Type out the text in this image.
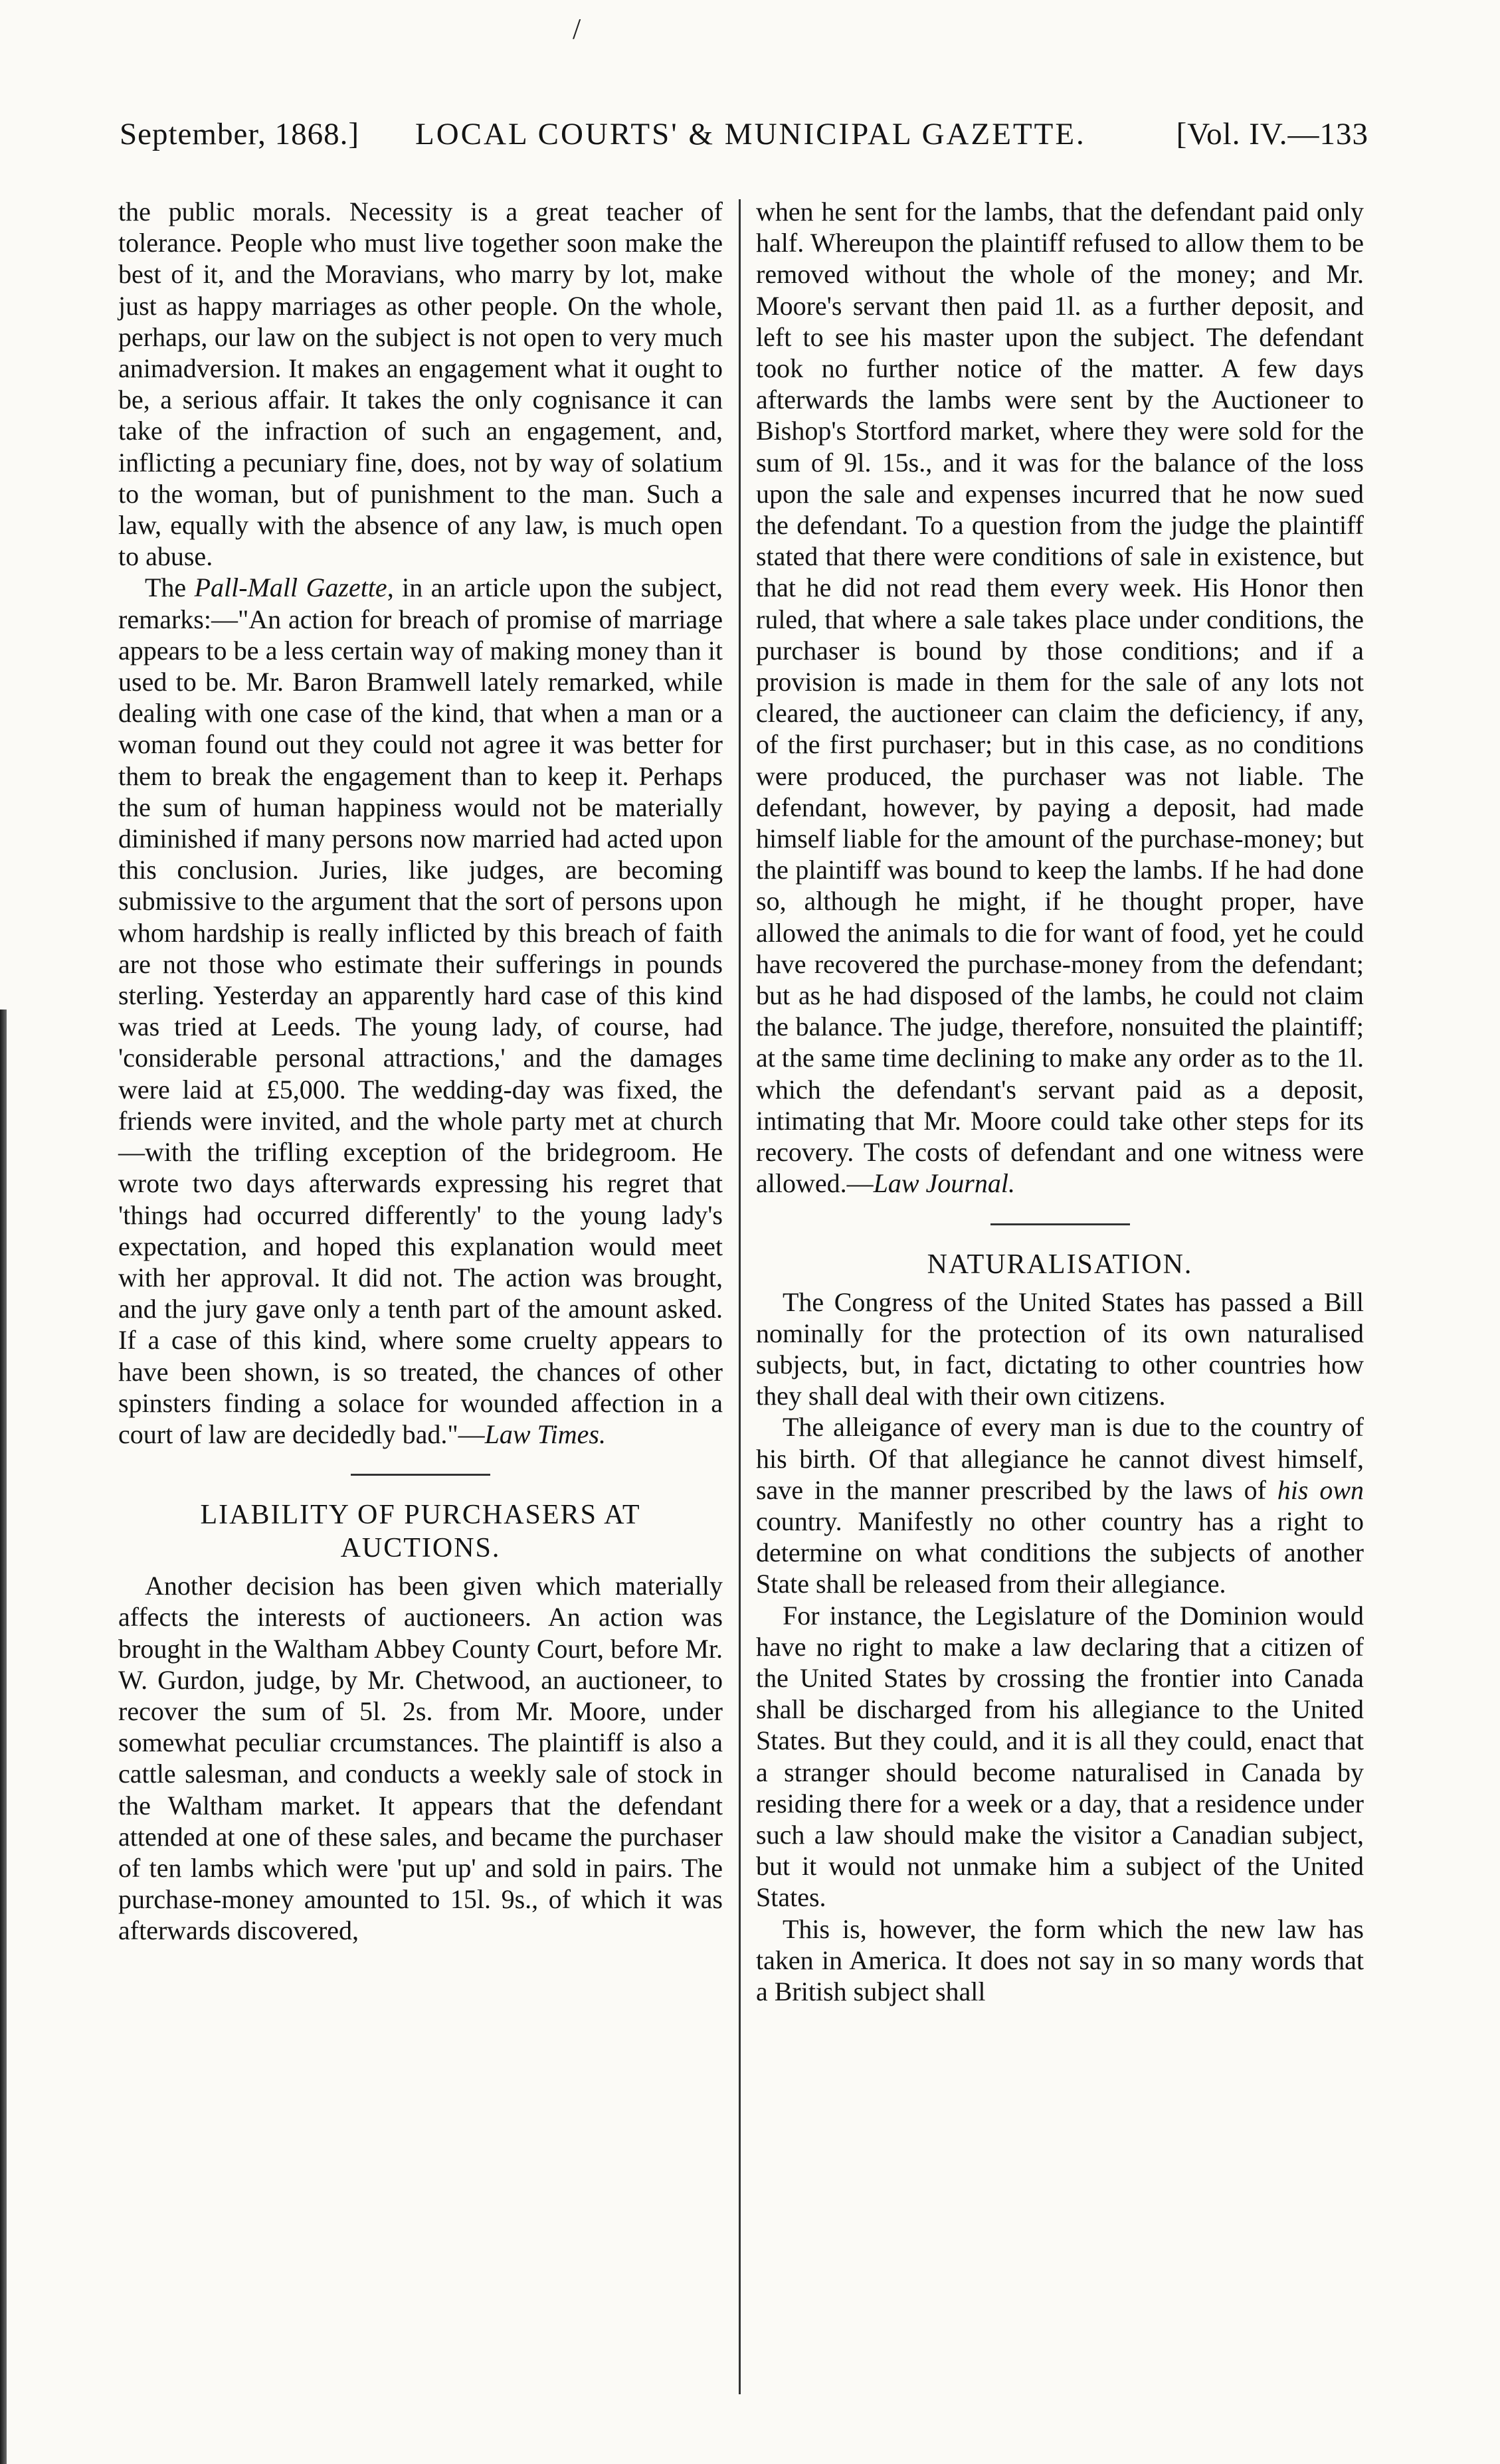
/
September, 1868.] LOCAL COURTS' & MUNICIPAL GAZETTE.	[Vol. IV.—133

the public morals. Necessity is a great teacher of tolerance. People who must live together soon make the best of it, and the Moravians, who marry by lot, make just as happy marriages as other people. On the whole, perhaps, our law on the subject is not open to very much animadversion. It makes an engagement what it ought to be, a serious affair. It takes the only cognisance it can take of the infraction of such an engagement, and, inflicting a pecuniary fine, does, not by way of solatium to the woman, but of punishment to the man. Such a law, equally with the absence of any law, is much open to abuse.

The Pall-Mall Gazette, in an article upon the subject, remarks:—"An action for breach of promise of marriage appears to be a less certain way of making money than it used to be. Mr. Baron Bramwell lately remarked, while dealing with one case of the kind, that when a man or a woman found out they could not agree it was better for them to break the engagement than to keep it. Perhaps the sum of human happiness would not be materially diminished if many persons now married had acted upon this conclusion. Juries, like judges, are becoming submissive to the argument that the sort of persons upon whom hardship is really inflicted by this breach of faith are not those who estimate their sufferings in pounds sterling. Yesterday an apparently hard case of this kind was tried at Leeds. The young lady, of course, had 'considerable personal attractions,' and the damages were laid at £5,000. The wedding-day was fixed, the friends were invited, and the whole party met at church—with the trifling exception of the bridegroom. He wrote two days afterwards expressing his regret that 'things had occurred differently' to the young lady's expectation, and hoped this explanation would meet with her approval. It did not. The action was brought, and the jury gave only a tenth part of the amount asked. If a case of this kind, where some cruelty appears to have been shown, is so treated, the chances of other spinsters finding a solace for wounded affection in a court of law are decidedly bad."—Law Times.

LIABILITY OF PURCHASERS AT
AUCTIONS.

Another decision has been given which materially affects the interests of auctioneers. An action was brought in the Waltham Abbey County Court, before Mr. W. Gurdon, judge, by Mr. Chetwood, an auctioneer, to recover the sum of 5l. 2s. from Mr. Moore, under somewhat peculiar crcumstances. The plaintiff is also a cattle salesman, and conducts a weekly sale of stock in the Waltham market. It appears that the defendant attended at one of these sales, and became the purchaser of ten lambs which were 'put up' and sold in pairs. The purchase-money amounted to 15l. 9s., of which it was afterwards discovered,

when he sent for the lambs, that the defendant paid only half. Whereupon the plaintiff refused to allow them to be removed without the whole of the money; and Mr. Moore's servant then paid 1l. as a further deposit, and left to see his master upon the subject. The defendant took no further notice of the matter. A few days afterwards the lambs were sent by the Auctioneer to Bishop's Stortford market, where they were sold for the sum of 9l. 15s., and it was for the balance of the loss upon the sale and expenses incurred that he now sued the defendant. To a question from the judge the plaintiff stated that there were conditions of sale in existence, but that he did not read them every week. His Honor then ruled, that where a sale takes place under conditions, the purchaser is bound by those conditions; and if a provision is made in them for the sale of any lots not cleared, the auctioneer can claim the deficiency, if any, of the first purchaser; but in this case, as no conditions were produced, the purchaser was not liable. The defendant, however, by paying a deposit, had made himself liable for the amount of the purchase-money; but the plaintiff was bound to keep the lambs. If he had done so, although he might, if he thought proper, have allowed the animals to die for want of food, yet he could have recovered the purchase-money from the defendant; but as he had disposed of the lambs, he could not claim the balance. The judge, therefore, nonsuited the plaintiff; at the same time declining to make any order as to the 1l. which the defendant's servant paid as a deposit, intimating that Mr. Moore could take other steps for its recovery. The costs of defendant and one witness were allowed.—Law Journal.

NATURALISATION.

The Congress of the United States has passed a Bill nominally for the protection of its own naturalised subjects, but, in fact, dictating to other countries how they shall deal with their own citizens.

The alleigance of every man is due to the country of his birth. Of that allegiance he cannot divest himself, save in the manner prescribed by the laws of his own country. Manifestly no other country has a right to determine on what conditions the subjects of another State shall be released from their allegiance.

For instance, the Legislature of the Dominion would have no right to make a law declaring that a citizen of the United States by crossing the frontier into Canada shall be discharged from his allegiance to the United States. But they could, and it is all they could, enact that a stranger should become naturalised in Canada by residing there for a week or a day, that a residence under such a law should make the visitor a Canadian subject, but it would not unmake him a subject of the United States.

This is, however, the form which the new law has taken in America. It does not say in so many words that a British subject shall
